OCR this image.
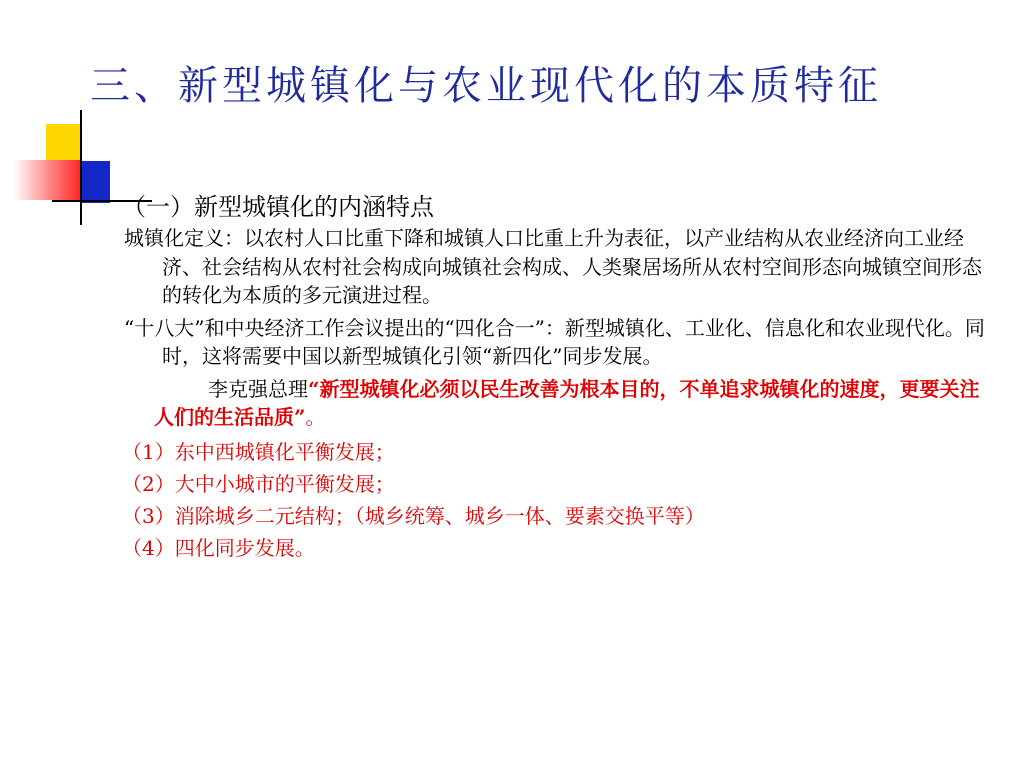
三、新型城镇化与农业现代化的本质特征
（一）新型城镇化的内涵特点

城镇化定义：以农村人口比重下降和城镇人口比重上升为表征，以产业结构从农业经济向工业经济、社会结构从农村社会构成向城镇社会构成、人类聚居场所从农村空间形态向城镇空间形态的转化为本质的多元演进过程。

“十八大”和中央经济工作会议提出的“四化合一”：新型城镇化、工业化、信息化和农业现代化。同时，这将需要中国以新型城镇化引领“新四化”同步发展。

李克强总理“新型城镇化必须以民生改善为根本目的，不单追求城镇化的速度，更要关注人们的生活品质”。

（1）东中西城镇化平衡发展；
（2）大中小城市的平衡发展；
（3）消除城乡二元结构；（城乡统筹、城乡一体、要素交换平等）
（4）四化同步发展。
